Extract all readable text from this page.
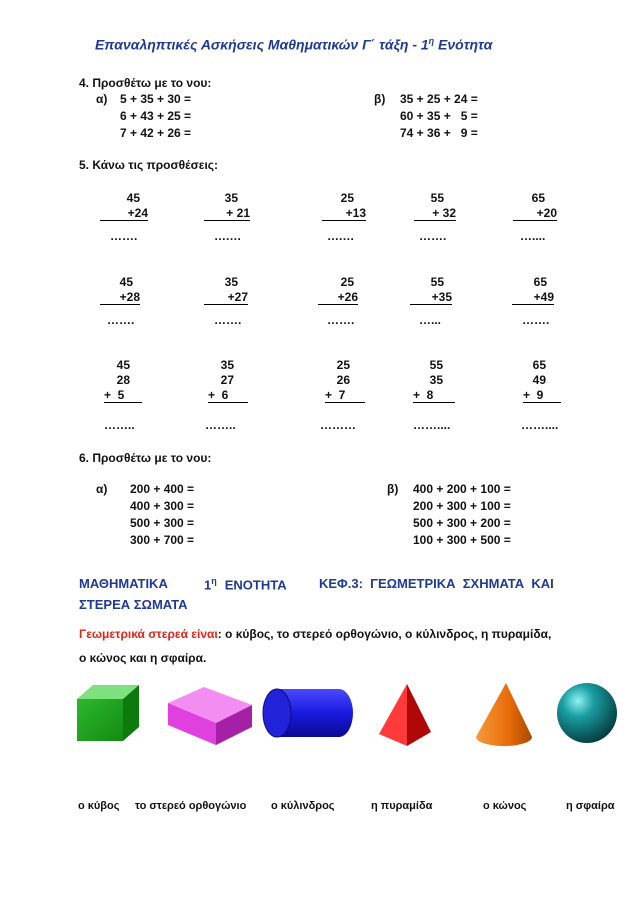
Επαναληπτικές Ασκήσεις Μαθηματικών Γ΄ τάξη - $1^\eta$ Ενότητα
4. Προσθέτω με το νου:
α) 5 + 35 + 30 =
6 + 43 + 25 =
7 + 42 + 26 =
β) 35 + 25 + 24 =
60 + 35 +   5 =
74 + 36 +   9 =
5. Κάνω τις προσθέσεις:
45
+24
…….
35
+ 21
….…
25
+13
….…
55
+ 32
…….
65
+20
…....
45
+28
…….
35
+27
…….
25
+26
…….
55
+35
…...
65
+49
…….
45
28
+  5
……..
35
27
+  6
……..
25
26
+  7
………
55
35
+  8
……....
65
49
+  9
……....
6. Προσθέτω με το νου:
α) 200 + 400 =
400 + 300 =
500 + 300 =
300 + 700 =
β) 400 + 200 + 100 =
200 + 300 + 100 =
500 + 300 + 200 =
100 + 300 + 500 =
ΜΑΘΗΜΑΤΙΚΑ	$1^\eta$ ΕΝΟΤΗΤΑ ΚΕΦ.3:  ΓΕΩΜΕΤΡΙΚΑ  ΣΧΗΜΑΤΑ  ΚΑΙ
ΣΤΕΡΕΑ ΣΩΜΑΤΑ
Γεωμετρικά στερεά είναι: ο κύβος, το στερεό ορθογώνιο, ο κύλινδρος, η πυραμίδα,
ο κώνος και η σφαίρα.
ο κύβος το στερεό ορθογώνιο ο κύλινδρος	η πυραμίδα	ο κώνος	η σφαίρα
